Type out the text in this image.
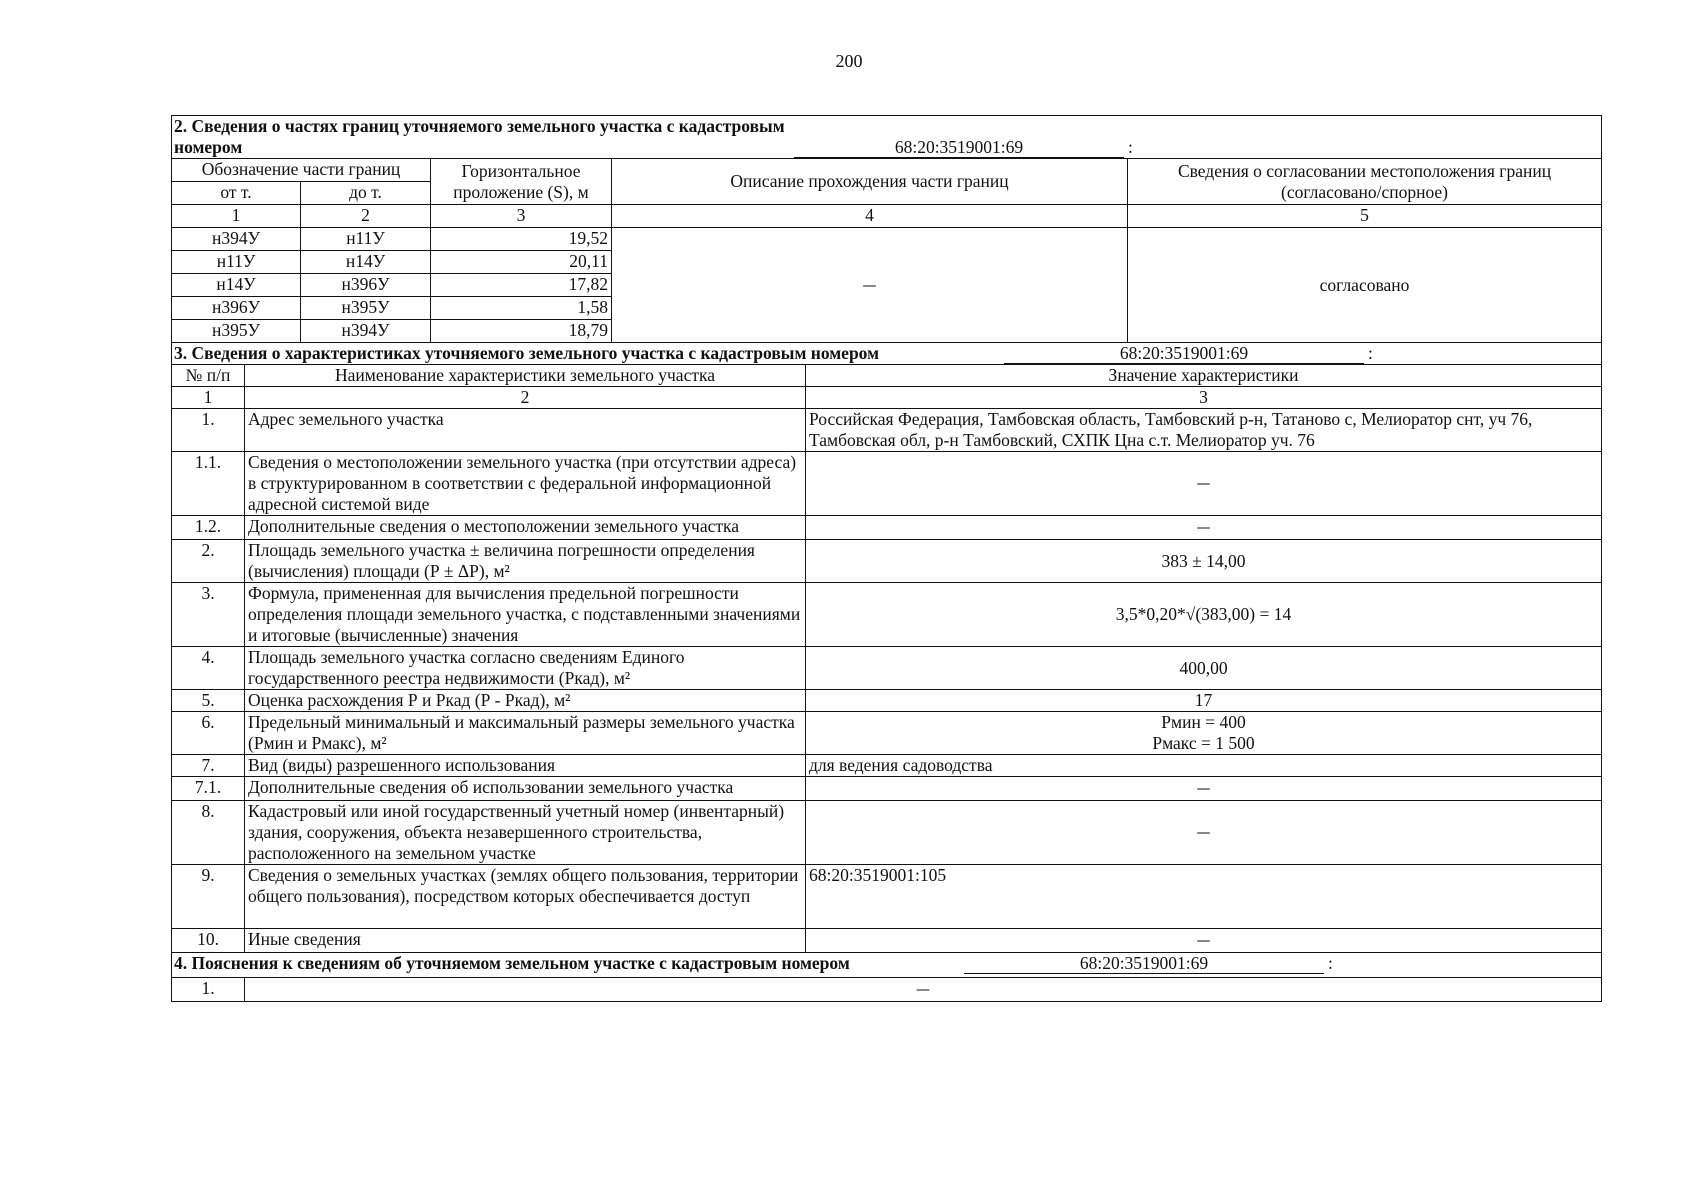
200
2. Сведения о частях границ уточняемого земельного участка с кадастровым номером 68:20:3519001:69 :				
Обозначение части границ		Горизонтальное проложение (S), м	Описание прохождения части границ	Сведения о согласовании местоположения границ (согласовано/спорное)
от т.	до т.			
1	2	3	4	5
н394У	н11У	19,52	—	согласовано
н11У	н14У	20,11		
н14У	н396У	17,82		
н396У	н395У	1,58		
н395У	н394У	18,79		
3. Сведения о характеристиках уточняемого земельного участка с кадастровым номером 68:20:3519001:69 :		
№ п/п	Наименование характеристики земельного участка	Значение характеристики
1	2	3
1.	Адрес земельного участка	Российская Федерация, Тамбовская область, Тамбовский р-н, Татаново с, Мелиоратор снт, уч 76, Тамбовская обл, р-н Тамбовский, СХПК Цна с.т. Мелиоратор уч. 76
1.1.	Сведения о местоположении земельного участка (при отсутствии адреса) в структурированном в соответствии с федеральной информационной адресной системой виде	—
1.2.	Дополнительные сведения о местоположении земельного участка	—
2.	Площадь земельного участка ± величина погрешности определения (вычисления) площади (Р ± ΔР), м²	383 ± 14,00
3.	Формула, примененная для вычисления предельной погрешности определения площади земельного участка, с подставленными значениями и итоговые (вычисленные) значения	3,5*0,20*√(383,00) = 14
4.	Площадь земельного участка согласно сведениям Единого государственного реестра недвижимости (Ркад), м²	400,00
5.	Оценка расхождения Р и Ркад (Р - Ркад), м²	17
6.	Предельный минимальный и максимальный размеры земельного участка (Рмин и Рмакс), м²	Рмин = 400
Рмакс = 1 500

7.	Вид (виды) разрешенного использования	для ведения садоводства
7.1.	Дополнительные сведения об использовании земельного участка	—
8.	Кадастровый или иной государственный учетный номер (инвентарный) здания, сооружения, объекта незавершенного строительства, расположенного на земельном участке	—
9.	Сведения о земельных участках (землях общего пользования, территории общего пользования), посредством которых обеспечивается доступ	68:20:3519001:105
10.	Иные сведения	—
4. Пояснения к сведениям об уточняемом земельном участке с кадастровым номером	68:20:3519001:69	:
1.	—
